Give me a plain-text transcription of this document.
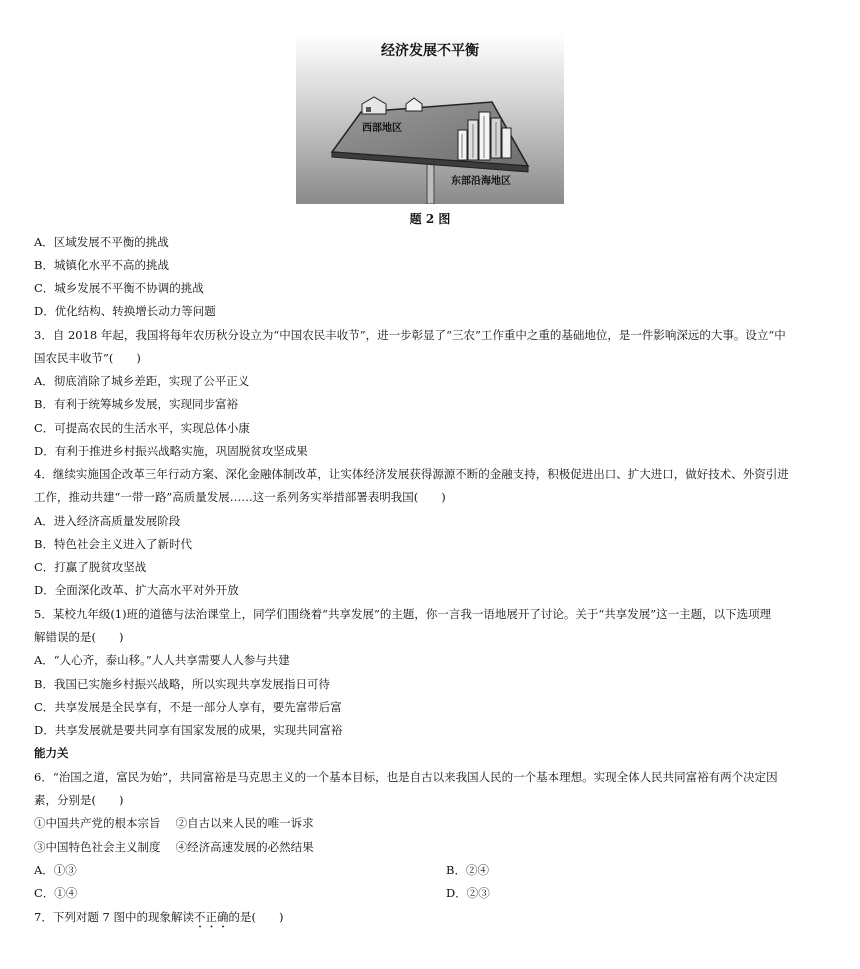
经济发展不平衡
西部地区
东部沿海地区
题 2 图
A．区域发展不平衡的挑战
B．城镇化水平不高的挑战
C．城乡发展不平衡不协调的挑战
D．优化结构、转换增长动力等问题
3．自 2018 年起，我国将每年农历秋分设立为“中国农民丰收节”，进一步彰显了“三农”工作重中之重的基础地位，是一件影响深远的大事。设立“中
国农民丰收节”(　　)
A．彻底消除了城乡差距，实现了公平正义
B．有利于统筹城乡发展，实现同步富裕
C．可提高农民的生活水平，实现总体小康
D．有利于推进乡村振兴战略实施，巩固脱贫攻坚成果
4．继续实施国企改革三年行动方案、深化金融体制改革，让实体经济发展获得源源不断的金融支持，积极促进出口、扩大进口，做好技术、外资引进
工作，推动共建“一带一路”高质量发展……这一系列务实举措部署表明我国(　　)
A．进入经济高质量发展阶段
B．特色社会主义进入了新时代
C．打赢了脱贫攻坚战
D．全面深化改革、扩大高水平对外开放
5．某校九年级(1)班的道德与法治课堂上，同学们围绕着“共享发展”的主题，你一言我一语地展开了讨论。关于“共享发展”这一主题，以下选项理
解错误的是(　　)
A．“人心齐，泰山移。”人人共享需要人人参与共建
B．我国已实施乡村振兴战略，所以实现共享发展指日可待
C．共享发展是全民享有，不是一部分人享有，要先富带后富
D．共享发展就是要共同享有国家发展的成果，实现共同富裕
能力关
6．“治国之道，富民为始”，共同富裕是马克思主义的一个基本目标，也是自古以来我国人民的一个基本理想。实现全体人民共同富裕有两个决定因
素，分别是(　　)
①中国共产党的根本宗旨　 ②自古以来人民的唯一诉求
③中国特色社会主义制度　 ④经济高速发展的必然结果
A．①③	B．②④
C．①④	D．②③
7．下列对题 7 图中的现象解读不正确的是(　　)
